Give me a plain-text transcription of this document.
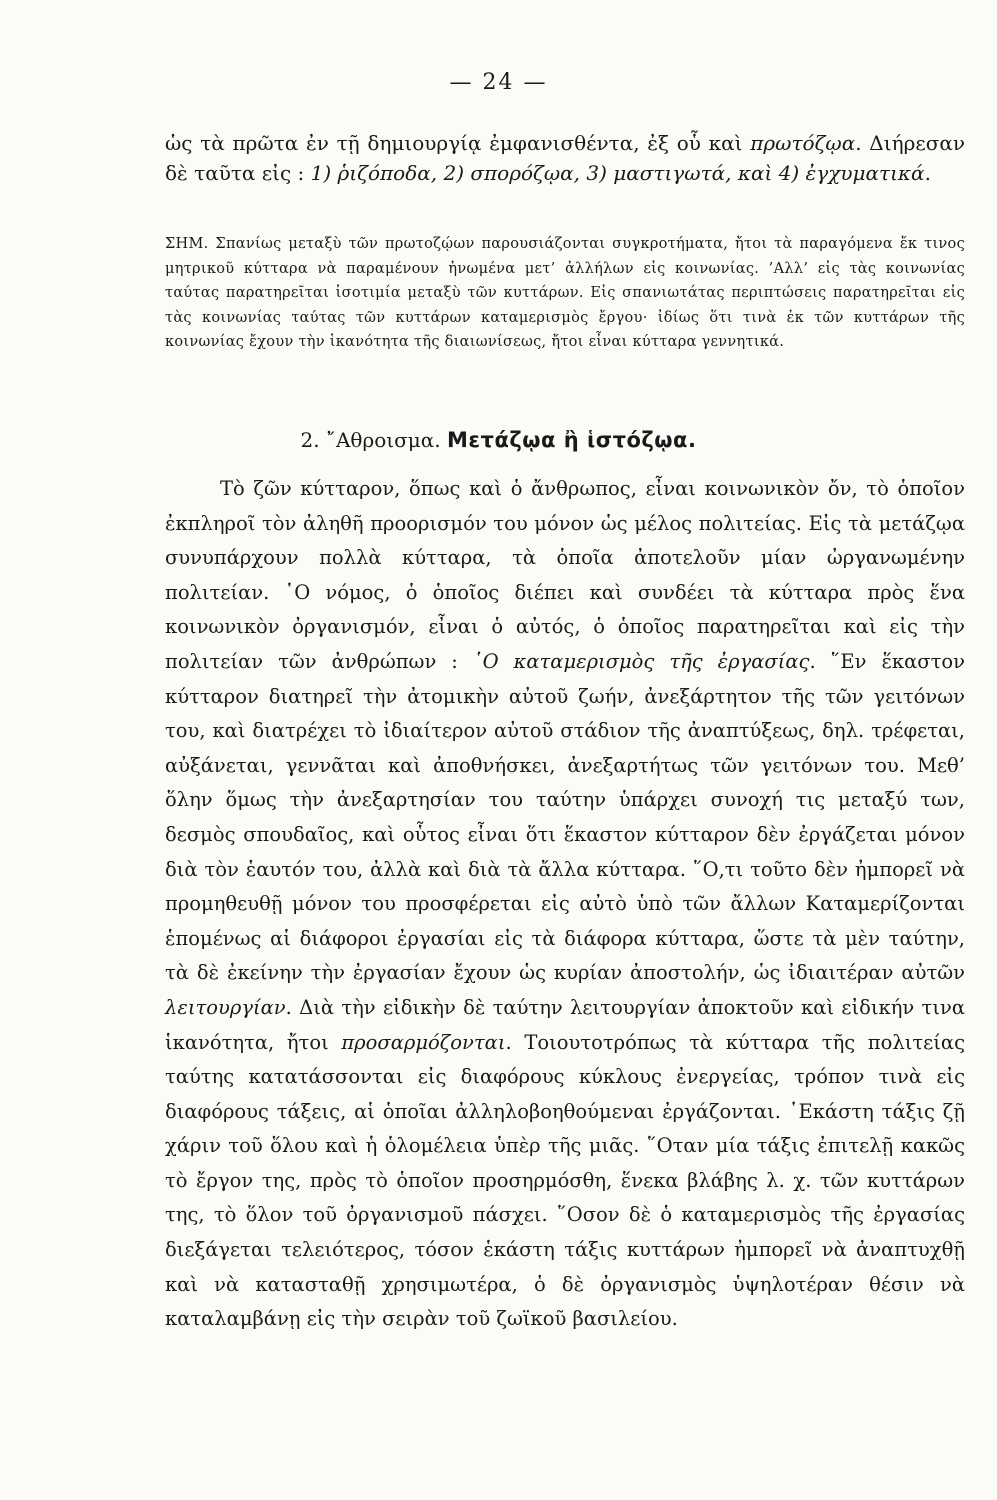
— 24 —

ὡς τὰ πρῶτα ἐν τῇ δημιουργίᾳ ἐμφανισθέντα, ἐξ οὗ καὶ πρωτόζῳα. Διήρεσαν δὲ ταῦτα εἰς : 1) ῥιζόποδα, 2) σπορόζῳα, 3) μαστιγωτά, καὶ 4) ἐγχυματικά.

ΣΗΜ. Σπανίως μεταξὺ τῶν πρωτοζῴων παρουσιάζονται συγκροτήματα, ἤτοι τὰ παραγόμενα ἔκ τινος μητρικοῦ κύτταρα νὰ παραμένουν ἡνωμένα μετ’ ἀλλήλων εἰς κοινωνίας. ’Αλλ’ εἰς τὰς κοινωνίας ταύτας παρατηρεῖται ἰσοτιμία μεταξὺ τῶν κυττάρων. Εἰς σπανιωτάτας περιπτώσεις παρατηρεῖται εἰς τὰς κοινωνίας ταύτας τῶν κυττάρων καταμερισμὸς ἔργου· ἰδίως ὅτι τινὰ ἐκ τῶν κυττάρων τῆς κοινωνίας ἔχουν τὴν ἱκανότητα τῆς διαιωνίσεως, ἤτοι εἶναι κύτταρα γεννητικά.

2. ῎Αθροισμα. Μετάζῳα ἢ ἱστόζῳα.

Τὸ ζῶν κύτταρον, ὅπως καὶ ὁ ἄνθρωπος, εἶναι κοινωνικὸν ὄν, τὸ ὁποῖον ἐκπληροῖ τὸν ἀληθῆ προορισμόν του μόνον ὡς μέλος πολιτείας. Εἰς τὰ μετάζῳα συνυπάρχουν πολλὰ κύτταρα, τὰ ὁποῖα ἀποτελοῦν μίαν ὠργανωμένην πολιτείαν. ῾Ο νόμος, ὁ ὁποῖος διέπει καὶ συνδέει τὰ κύτταρα πρὸς ἕνα κοινωνικὸν ὀργανισμόν, εἶναι ὁ αὐτός, ὁ ὁποῖος παρατηρεῖται καὶ εἰς τὴν πολιτείαν τῶν ἀνθρώπων : ῾Ο καταμερισμὸς τῆς ἐργασίας. ῞Εν ἕκαστον κύτταρον διατηρεῖ τὴν ἀτομικὴν αὐτοῦ ζωήν, ἀνεξάρτητον τῆς τῶν γειτόνων του, καὶ διατρέχει τὸ ἰδιαίτερον αὐτοῦ στάδιον τῆς ἀναπτύξεως, δηλ. τρέφεται, αὐξάνεται, γεννᾶται καὶ ἀποθνήσκει, ἀνεξαρτήτως τῶν γειτόνων του. Μεθ’ ὅλην ὅμως τὴν ἀνεξαρτησίαν του ταύτην ὑπάρχει συνοχή τις μεταξύ των, δεσμὸς σπουδαῖος, καὶ οὗτος εἶναι ὅτι ἕκαστον κύτταρον δὲν ἐργάζεται μόνον διὰ τὸν ἑαυτόν του, ἀλλὰ καὶ διὰ τὰ ἄλλα κύτταρα. ῞Ο,τι τοῦτο δὲν ἠμπορεῖ νὰ προμηθευθῇ μόνον του προσφέρεται εἰς αὐτὸ ὑπὸ τῶν ἄλλων Καταμερίζονται ἑπομένως αἱ διάφοροι ἐργασίαι εἰς τὰ διάφορα κύτταρα, ὥστε τὰ μὲν ταύτην, τὰ δὲ ἐκείνην τὴν ἐργασίαν ἔχουν ὡς κυρίαν ἀποστολήν, ὡς ἰδιαιτέραν αὐτῶν λειτουργίαν. Διὰ τὴν εἰδικὴν δὲ ταύτην λειτουργίαν ἀποκτοῦν καὶ εἰδικήν τινα ἱκανότητα, ἤτοι προσαρμόζονται. Τοιουτοτρόπως τὰ κύτταρα τῆς πολιτείας ταύτης κατατάσσονται εἰς διαφόρους κύκλους ἐνεργείας, τρόπον τινὰ εἰς διαφόρους τάξεις, αἱ ὁποῖαι ἀλληλοβοηθούμεναι ἐργάζονται. ῾Εκάστη τάξις ζῇ χάριν τοῦ ὅλου καὶ ἡ ὁλομέλεια ὑπὲρ τῆς μιᾶς. ῞Οταν μία τάξις ἐπιτελῇ κακῶς τὸ ἔργον της, πρὸς τὸ ὁποῖον προσηρμόσθη, ἕνεκα βλάβης λ. χ. τῶν κυττάρων της, τὸ ὅλον τοῦ ὀργανισμοῦ πάσχει. ῞Οσον δὲ ὁ καταμερισμὸς τῆς ἐργασίας διεξάγεται τελειότερος, τόσον ἑκάστη τάξις κυττάρων ἠμπορεῖ νὰ ἀναπτυχθῇ καὶ νὰ κατασταθῇ χρησιμωτέρα, ὁ δὲ ὀργανισμὸς ὑψηλοτέραν θέσιν νὰ καταλαμβάνῃ εἰς τὴν σειρὰν τοῦ ζωϊκοῦ βασιλείου.
